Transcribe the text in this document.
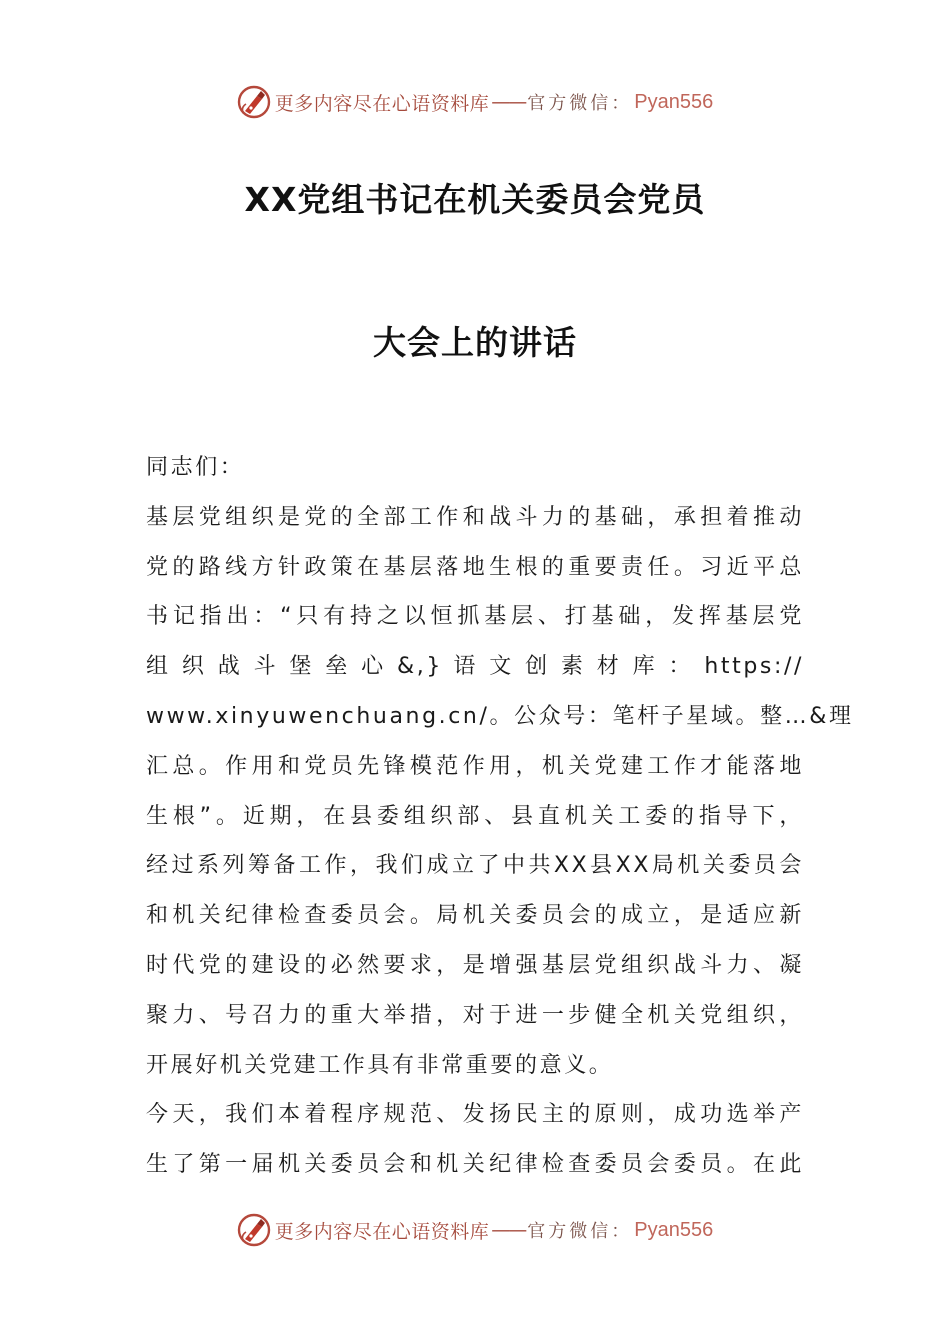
更多内容尽在心语资料库 —— 官方微信： Pyan556
XX党组书记在机关委员会党员
大会上的讲话
同志们：
基层党组织是党的全部工作和战斗力的基础，承担着推动
党的路线方针政策在基层落地生根的重要责任。习近平总
书记指出：“只有持之以恒抓基层、打基础，发挥基层党
组 织 战 斗 堡 垒 心 &,} 语 文 创 素 材 库 ： https://
www.xinyuwenchuang.cn/。公众号：笔杆子星域。整…&理
汇总。作用和党员先锋模范作用，机关党建工作才能落地
生根”。近期，在县委组织部、县直机关工委的指导下，
经过系列筹备工作，我们成立了中共XX县XX局机关委员会
和机关纪律检查委员会。局机关委员会的成立，是适应新
时代党的建设的必然要求，是增强基层党组织战斗力、凝
聚力、号召力的重大举措，对于进一步健全机关党组织，
开展好机关党建工作具有非常重要的意义。
今天，我们本着程序规范、发扬民主的原则，成功选举产
生了第一届机关委员会和机关纪律检查委员会委员。在此
更多内容尽在心语资料库 —— 官方微信： Pyan556
